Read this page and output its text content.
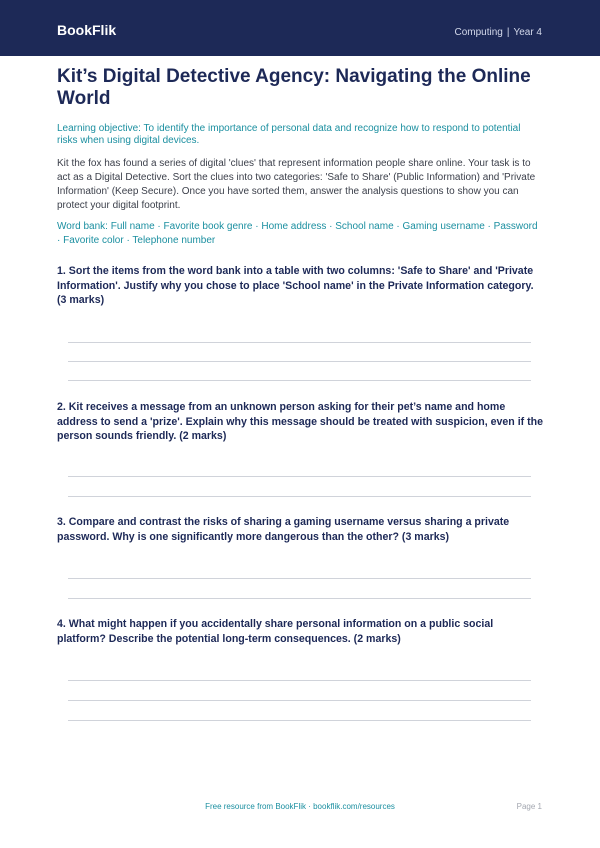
BookFlik	Computing | Year 4
Kit’s Digital Detective Agency: Navigating the Online World
Learning objective: To identify the importance of personal data and recognize how to respond to potential risks when using digital devices.
Kit the fox has found a series of digital 'clues' that represent information people share online. Your task is to act as a Digital Detective. Sort the clues into two categories: 'Safe to Share' (Public Information) and 'Private Information' (Keep Secure). Once you have sorted them, answer the analysis questions to show you can protect your digital footprint.
Word bank: Full name · Favorite book genre · Home address · School name · Gaming username · Password · Favorite color · Telephone number
1. Sort the items from the word bank into a table with two columns: 'Safe to Share' and 'Private Information'. Justify why you chose to place 'School name' in the Private Information category. (3 marks)
2. Kit receives a message from an unknown person asking for their pet’s name and home address to send a 'prize'. Explain why this message should be treated with suspicion, even if the person sounds friendly. (2 marks)
3. Compare and contrast the risks of sharing a gaming username versus sharing a private password. Why is one significantly more dangerous than the other? (3 marks)
4. What might happen if you accidentally share personal information on a public social platform? Describe the potential long-term consequences. (2 marks)
Free resource from BookFlik · bookflik.com/resources	Page 1
